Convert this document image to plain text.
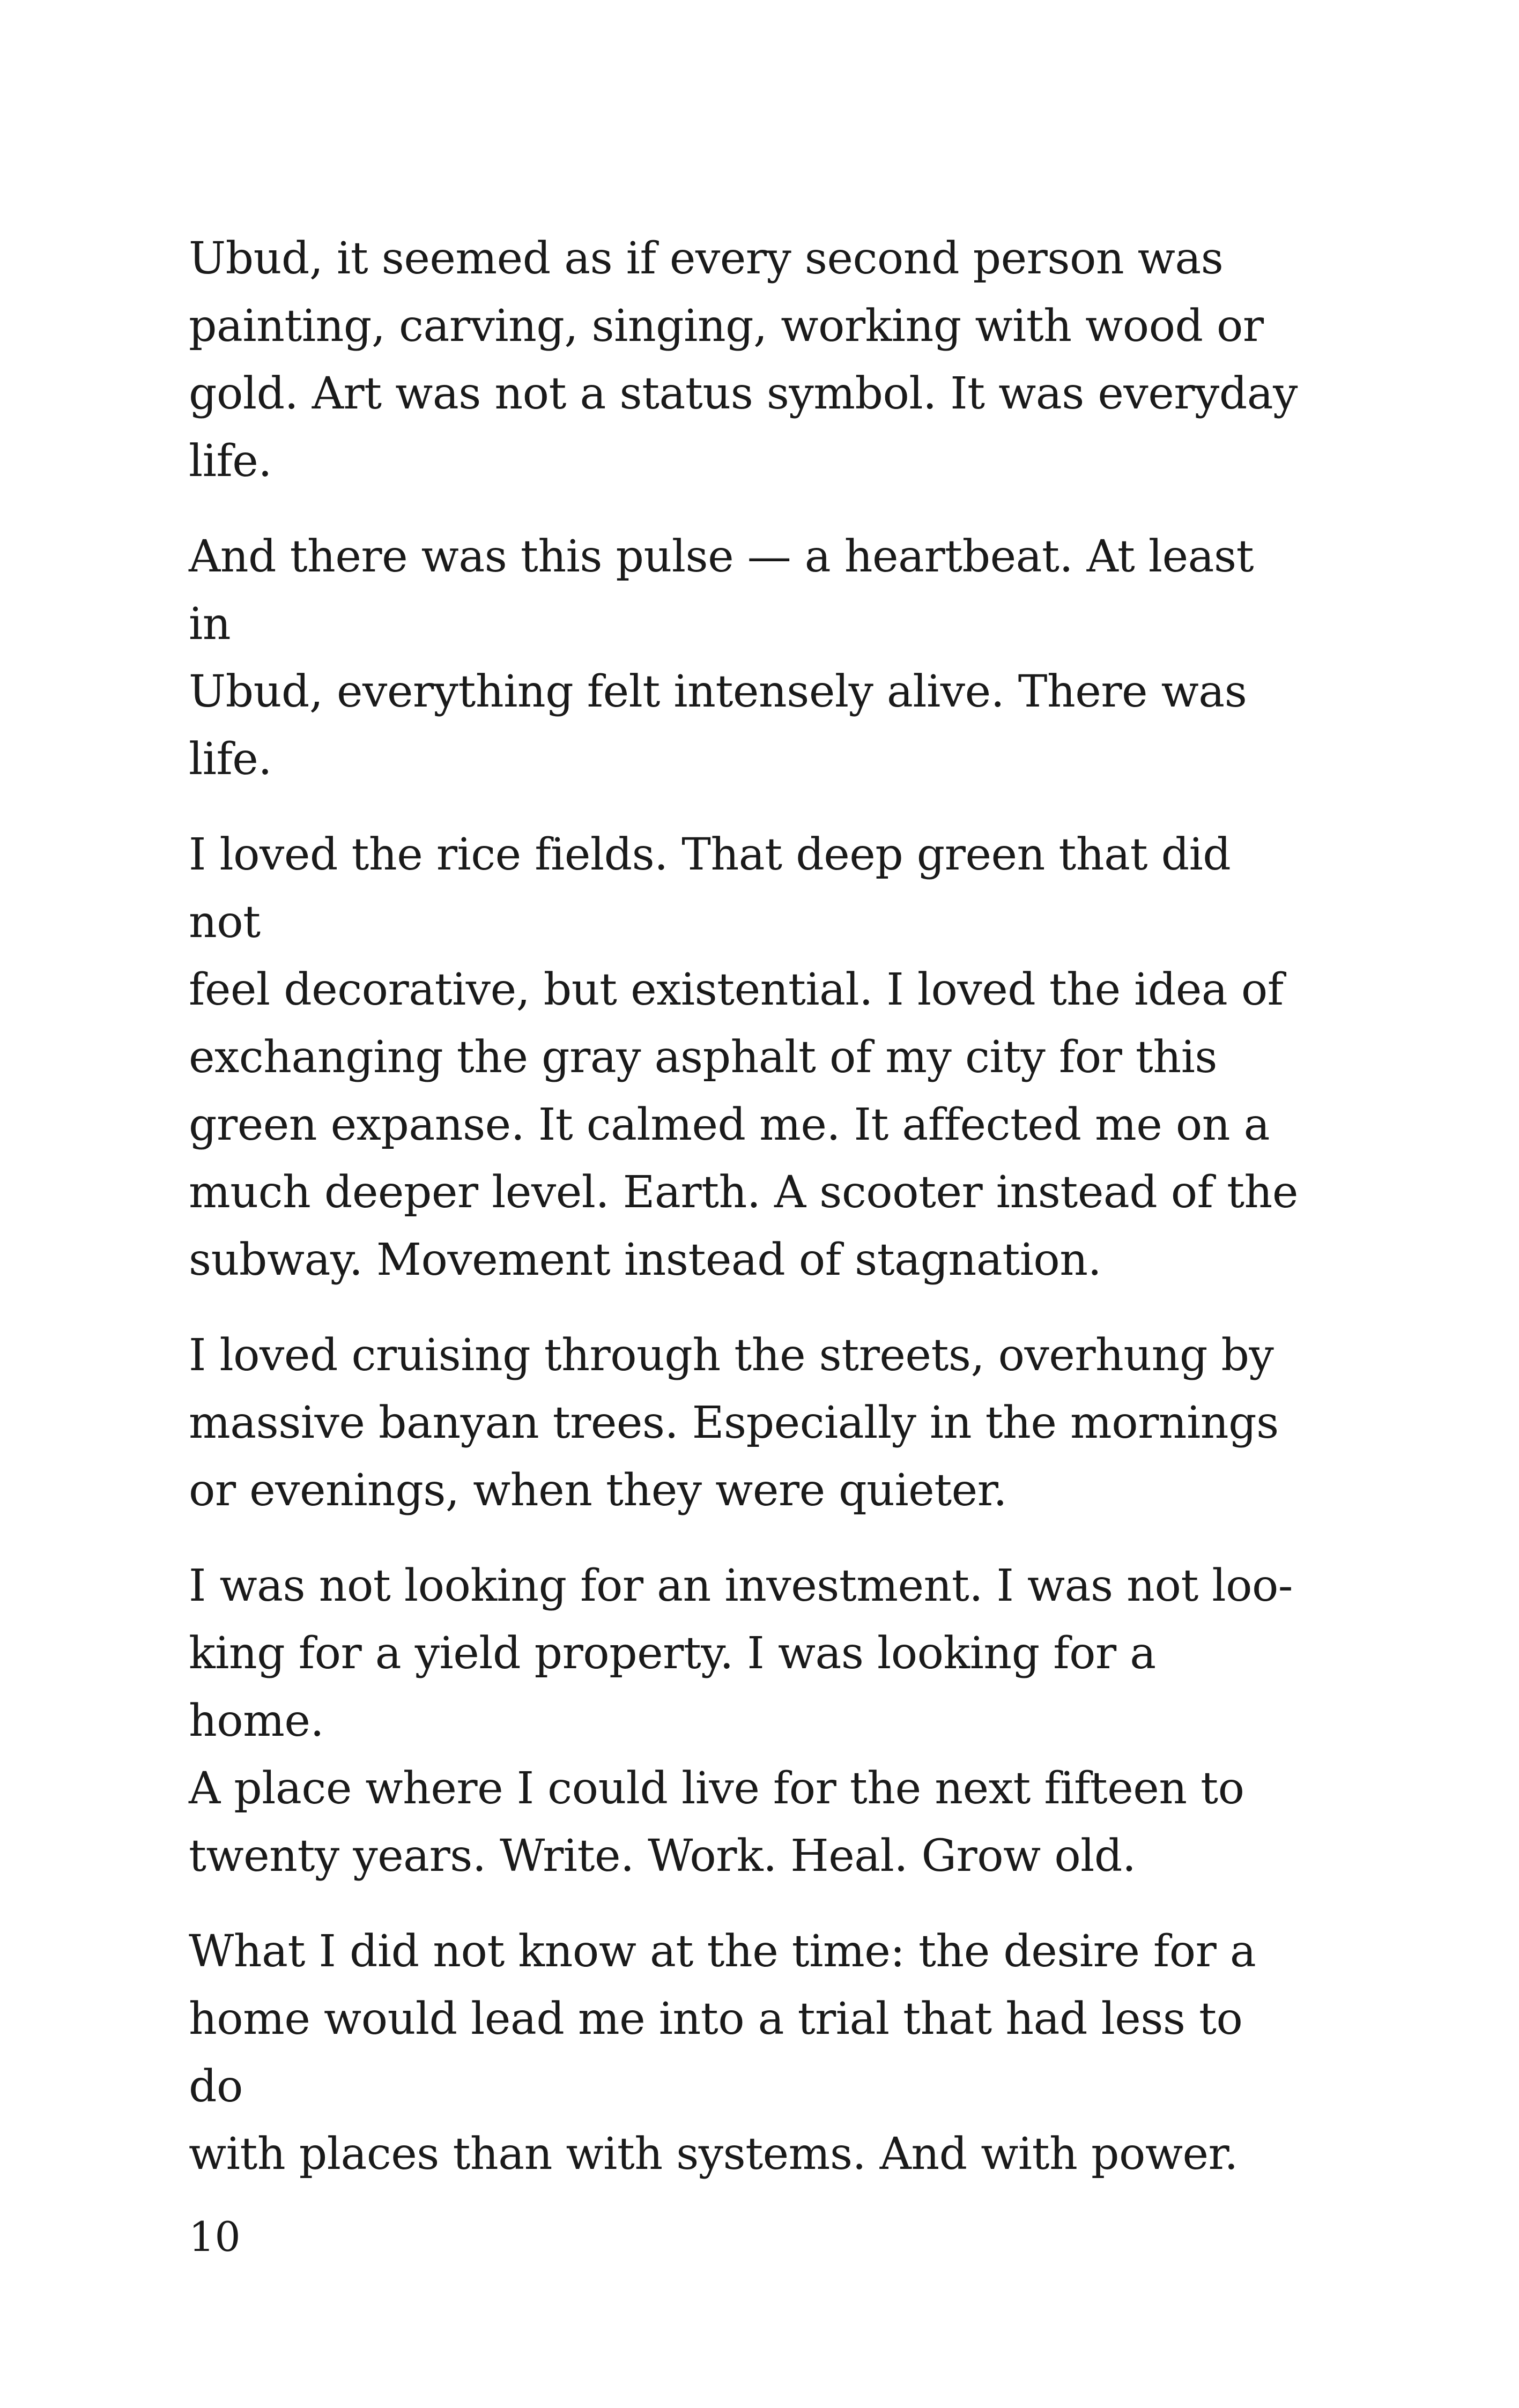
Ubud, it seemed as if every second person was
painting, carving, singing, working with wood or
gold. Art was not a status symbol. It was everyday
life.

And there was this pulse — a heartbeat. At least in
Ubud, everything felt intensely alive. There was
life.

I loved the rice fields. That deep green that did not
feel decorative, but existential. I loved the idea of
exchanging the gray asphalt of my city for this
green expanse. It calmed me. It affected me on a
much deeper level. Earth. A scooter instead of the
subway. Movement instead of stagnation.

I loved cruising through the streets, overhung by
massive banyan trees. Especially in the mornings
or evenings, when they were quieter.

I was not looking for an investment. I was not loo-
king for a yield property. I was looking for a home.
A place where I could live for the next fifteen to
twenty years. Write. Work. Heal. Grow old.

What I did not know at the time: the desire for a
home would lead me into a trial that had less to do
with places than with systems. And with power.

10
